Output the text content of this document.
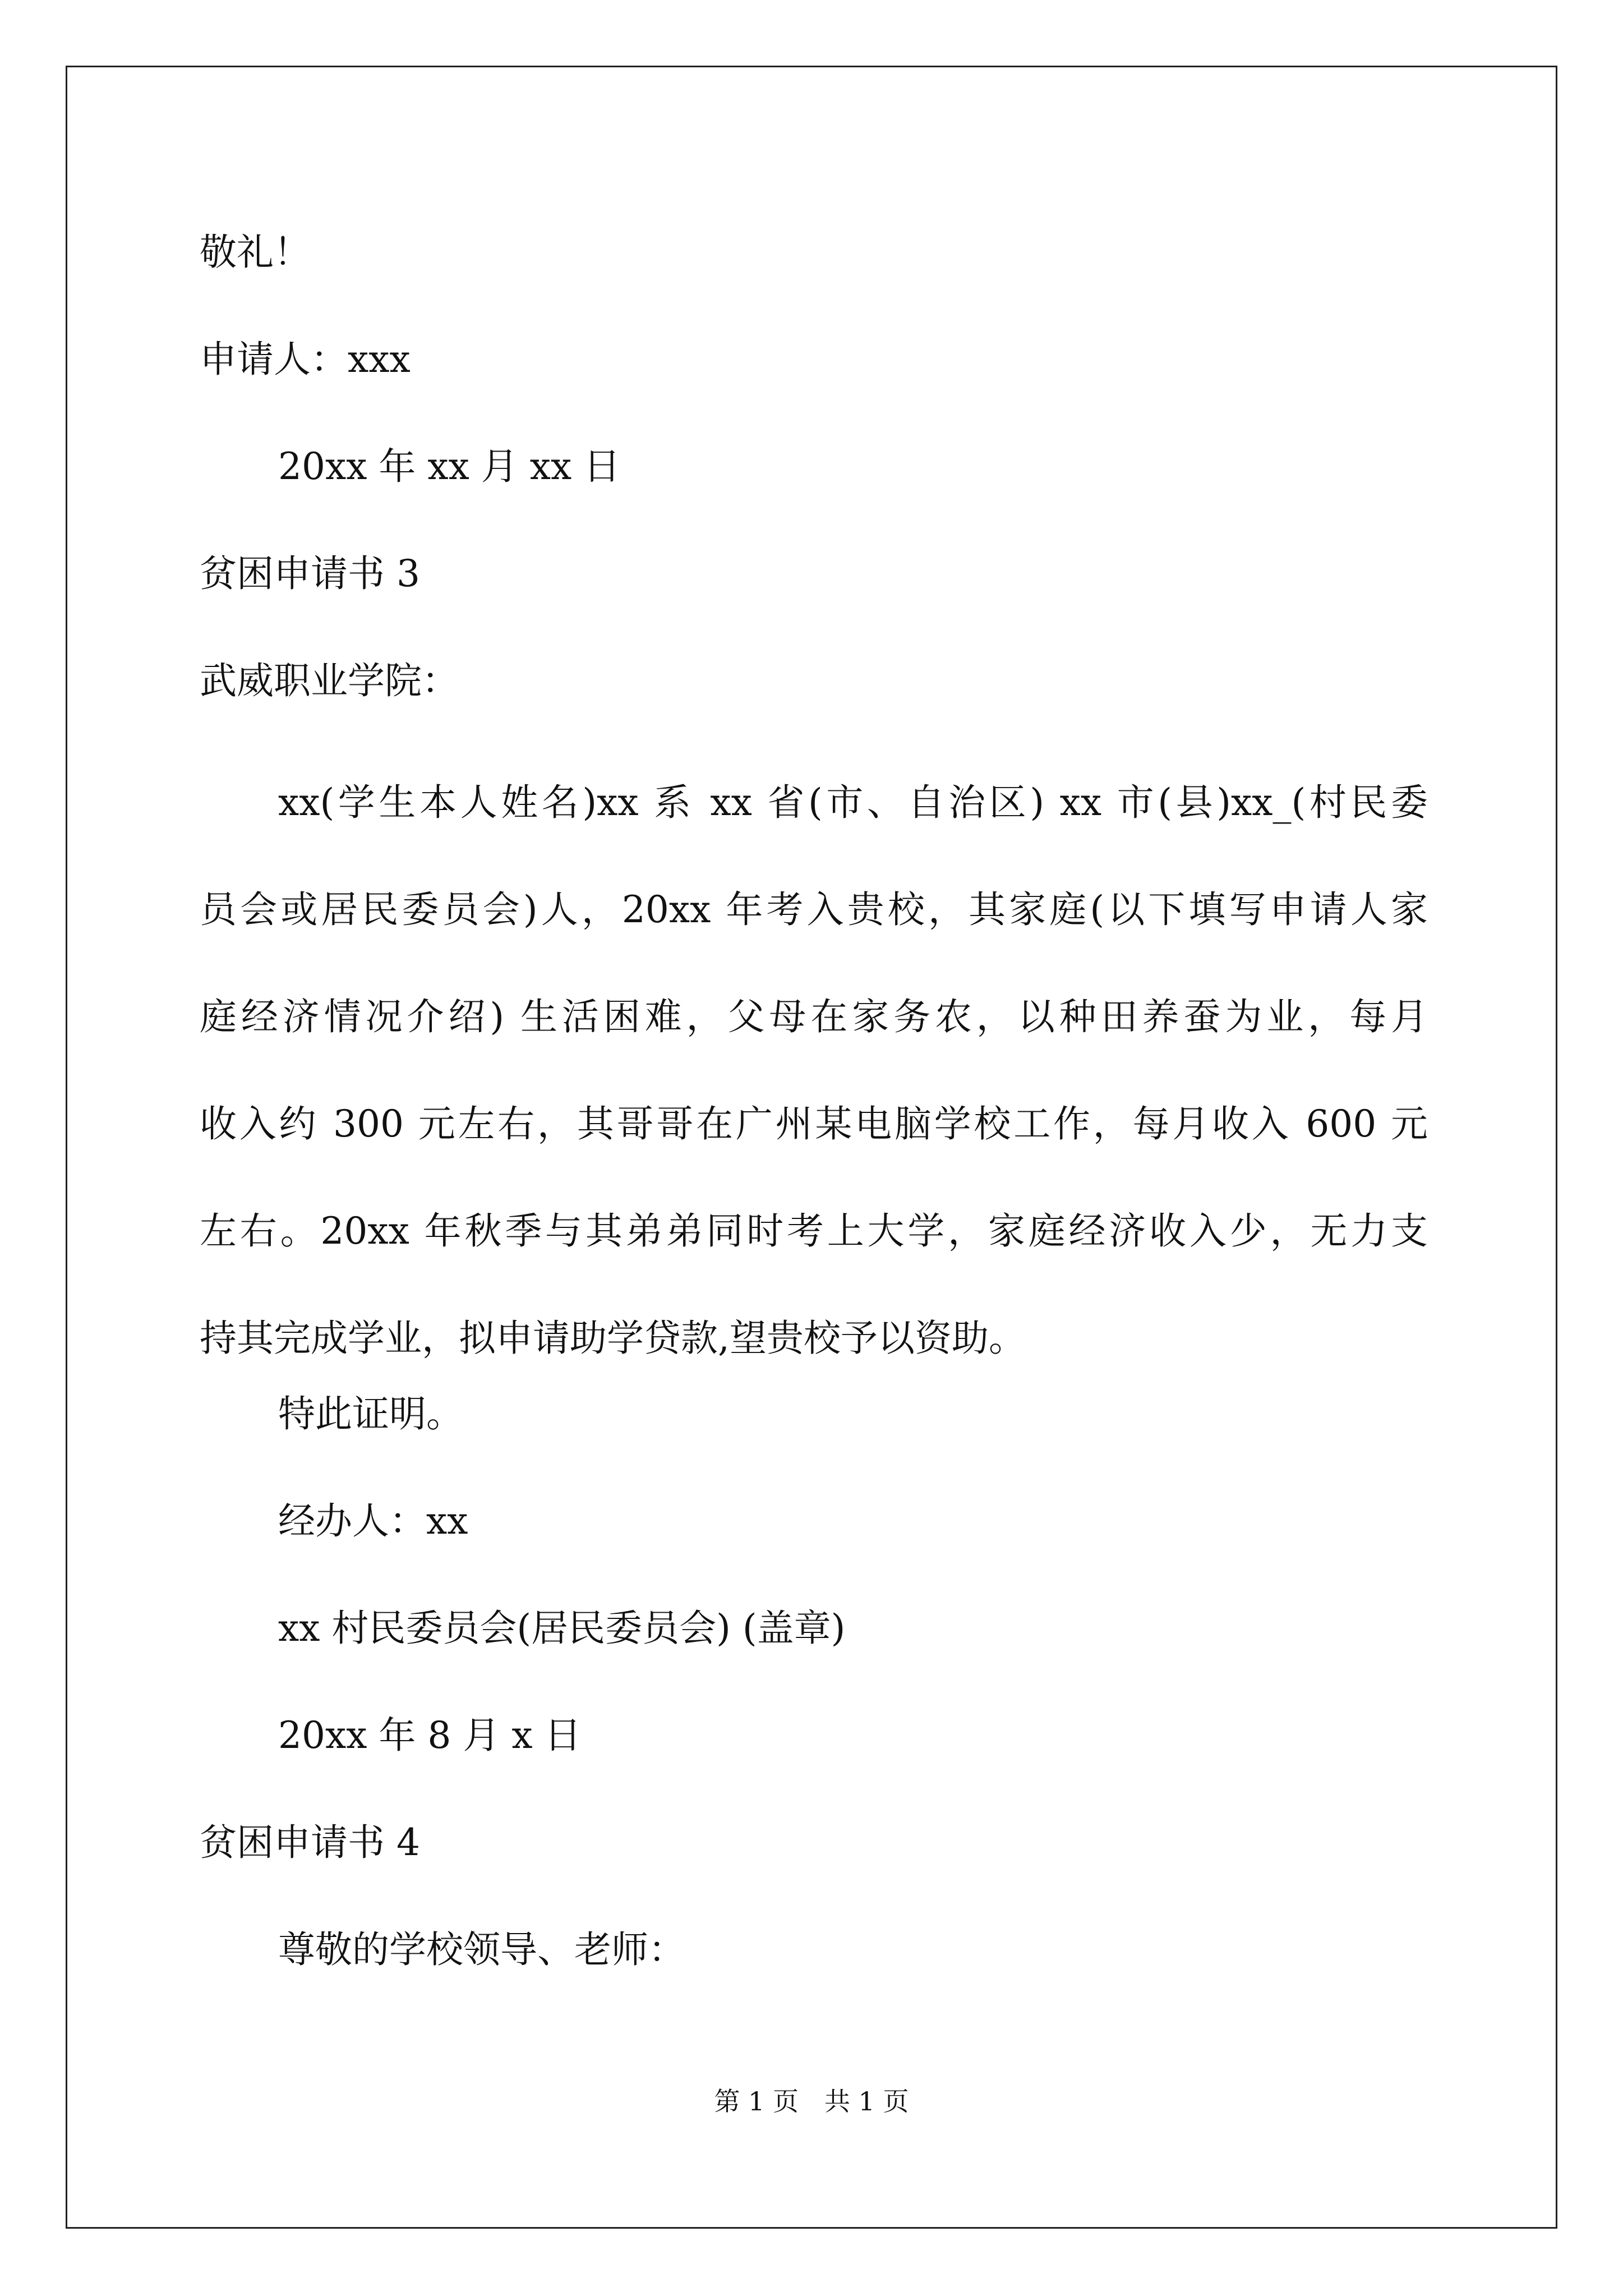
敬礼！
申请人：xxx
20xx 年 xx 月 xx 日
贫困申请书 3
武威职业学院：
xx(学生本人姓名)xx 系 xx 省(市、自治区) xx 市(县)xx_(村民委
员会或居民委员会)人，20xx 年考入贵校，其家庭(以下填写申请人家
庭经济情况介绍) 生活困难，父母在家务农，以种田养蚕为业，每月
收入约 300 元左右，其哥哥在广州某电脑学校工作，每月收入 600 元
左右。20xx 年秋季与其弟弟同时考上大学，家庭经济收入少，无力支
持其完成学业，拟申请助学贷款,望贵校予以资助。
特此证明。
经办人：xx
xx 村民委员会(居民委员会) (盖章)
20xx 年 8 月 x 日
贫困申请书 4
尊敬的学校领导、老师：
第 1 页　共 1 页
